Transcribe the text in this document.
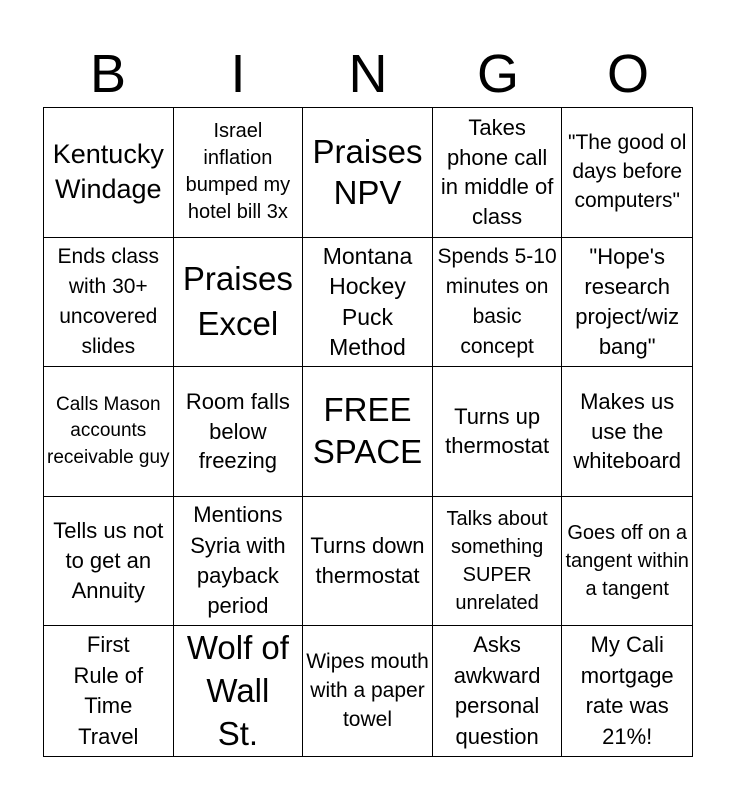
B	I	N	G	O
Kentucky Windage
Israel inflation bumped my hotel bill 3x
Praises NPV
Takes phone call in middle of class
"The good ol days before computers"
Ends class with 30+ uncovered slides
Praises Excel
Montana Hockey Puck Method
Spends 5-10 minutes on basic concept
"Hope's research project/wiz bang"
Calls Mason accounts receivable guy
Room falls below freezing
FREE SPACE
Turns up thermostat
Makes us use the whiteboard
Tells us not to get an Annuity
Mentions Syria with payback period
Turns down thermostat
Talks about something SUPER unrelated
Goes off on a tangent within a tangent
First Rule of Time Travel
Wolf of Wall St.
Wipes mouth with a paper towel
Asks awkward personal question
My Cali mortgage rate was 21%!
